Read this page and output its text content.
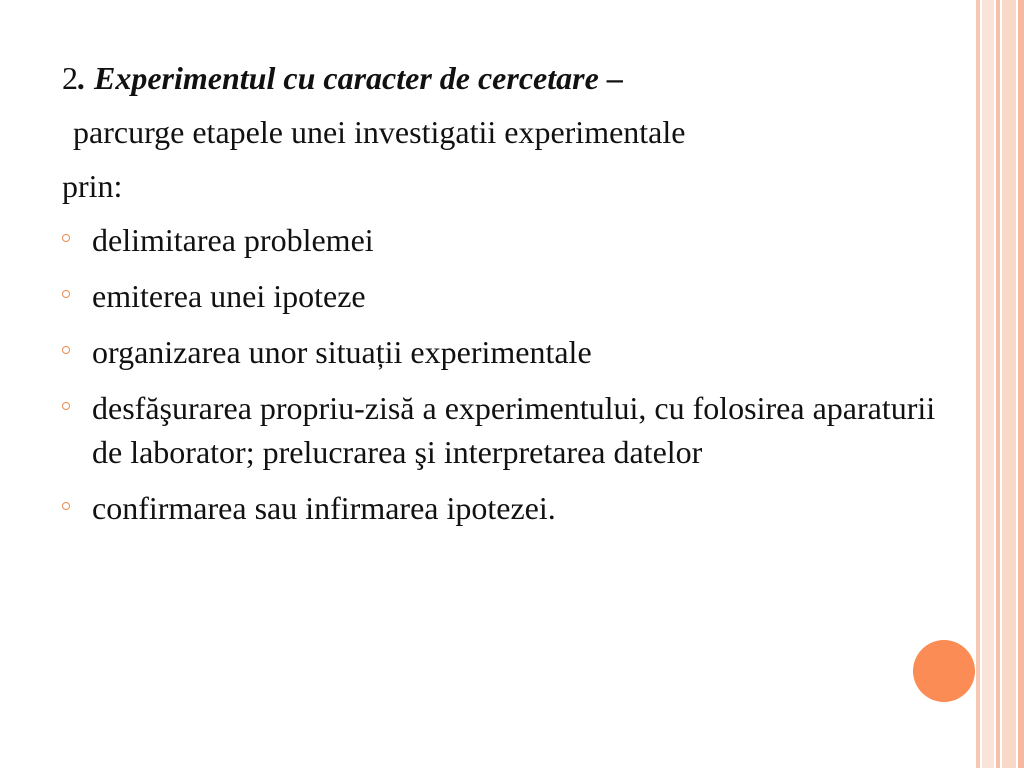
2. Experimentul cu caracter de cercetare –

parcurge etapele unei investigatii experimentale

prin:

delimitarea problemei
emiterea unei ipoteze
organizarea unor situații experimentale
desfăşurarea propriu-zisă a experimentului, cu folosirea aparaturii de laborator; prelucrarea şi interpretarea datelor
confirmarea sau infirmarea ipotezei.
